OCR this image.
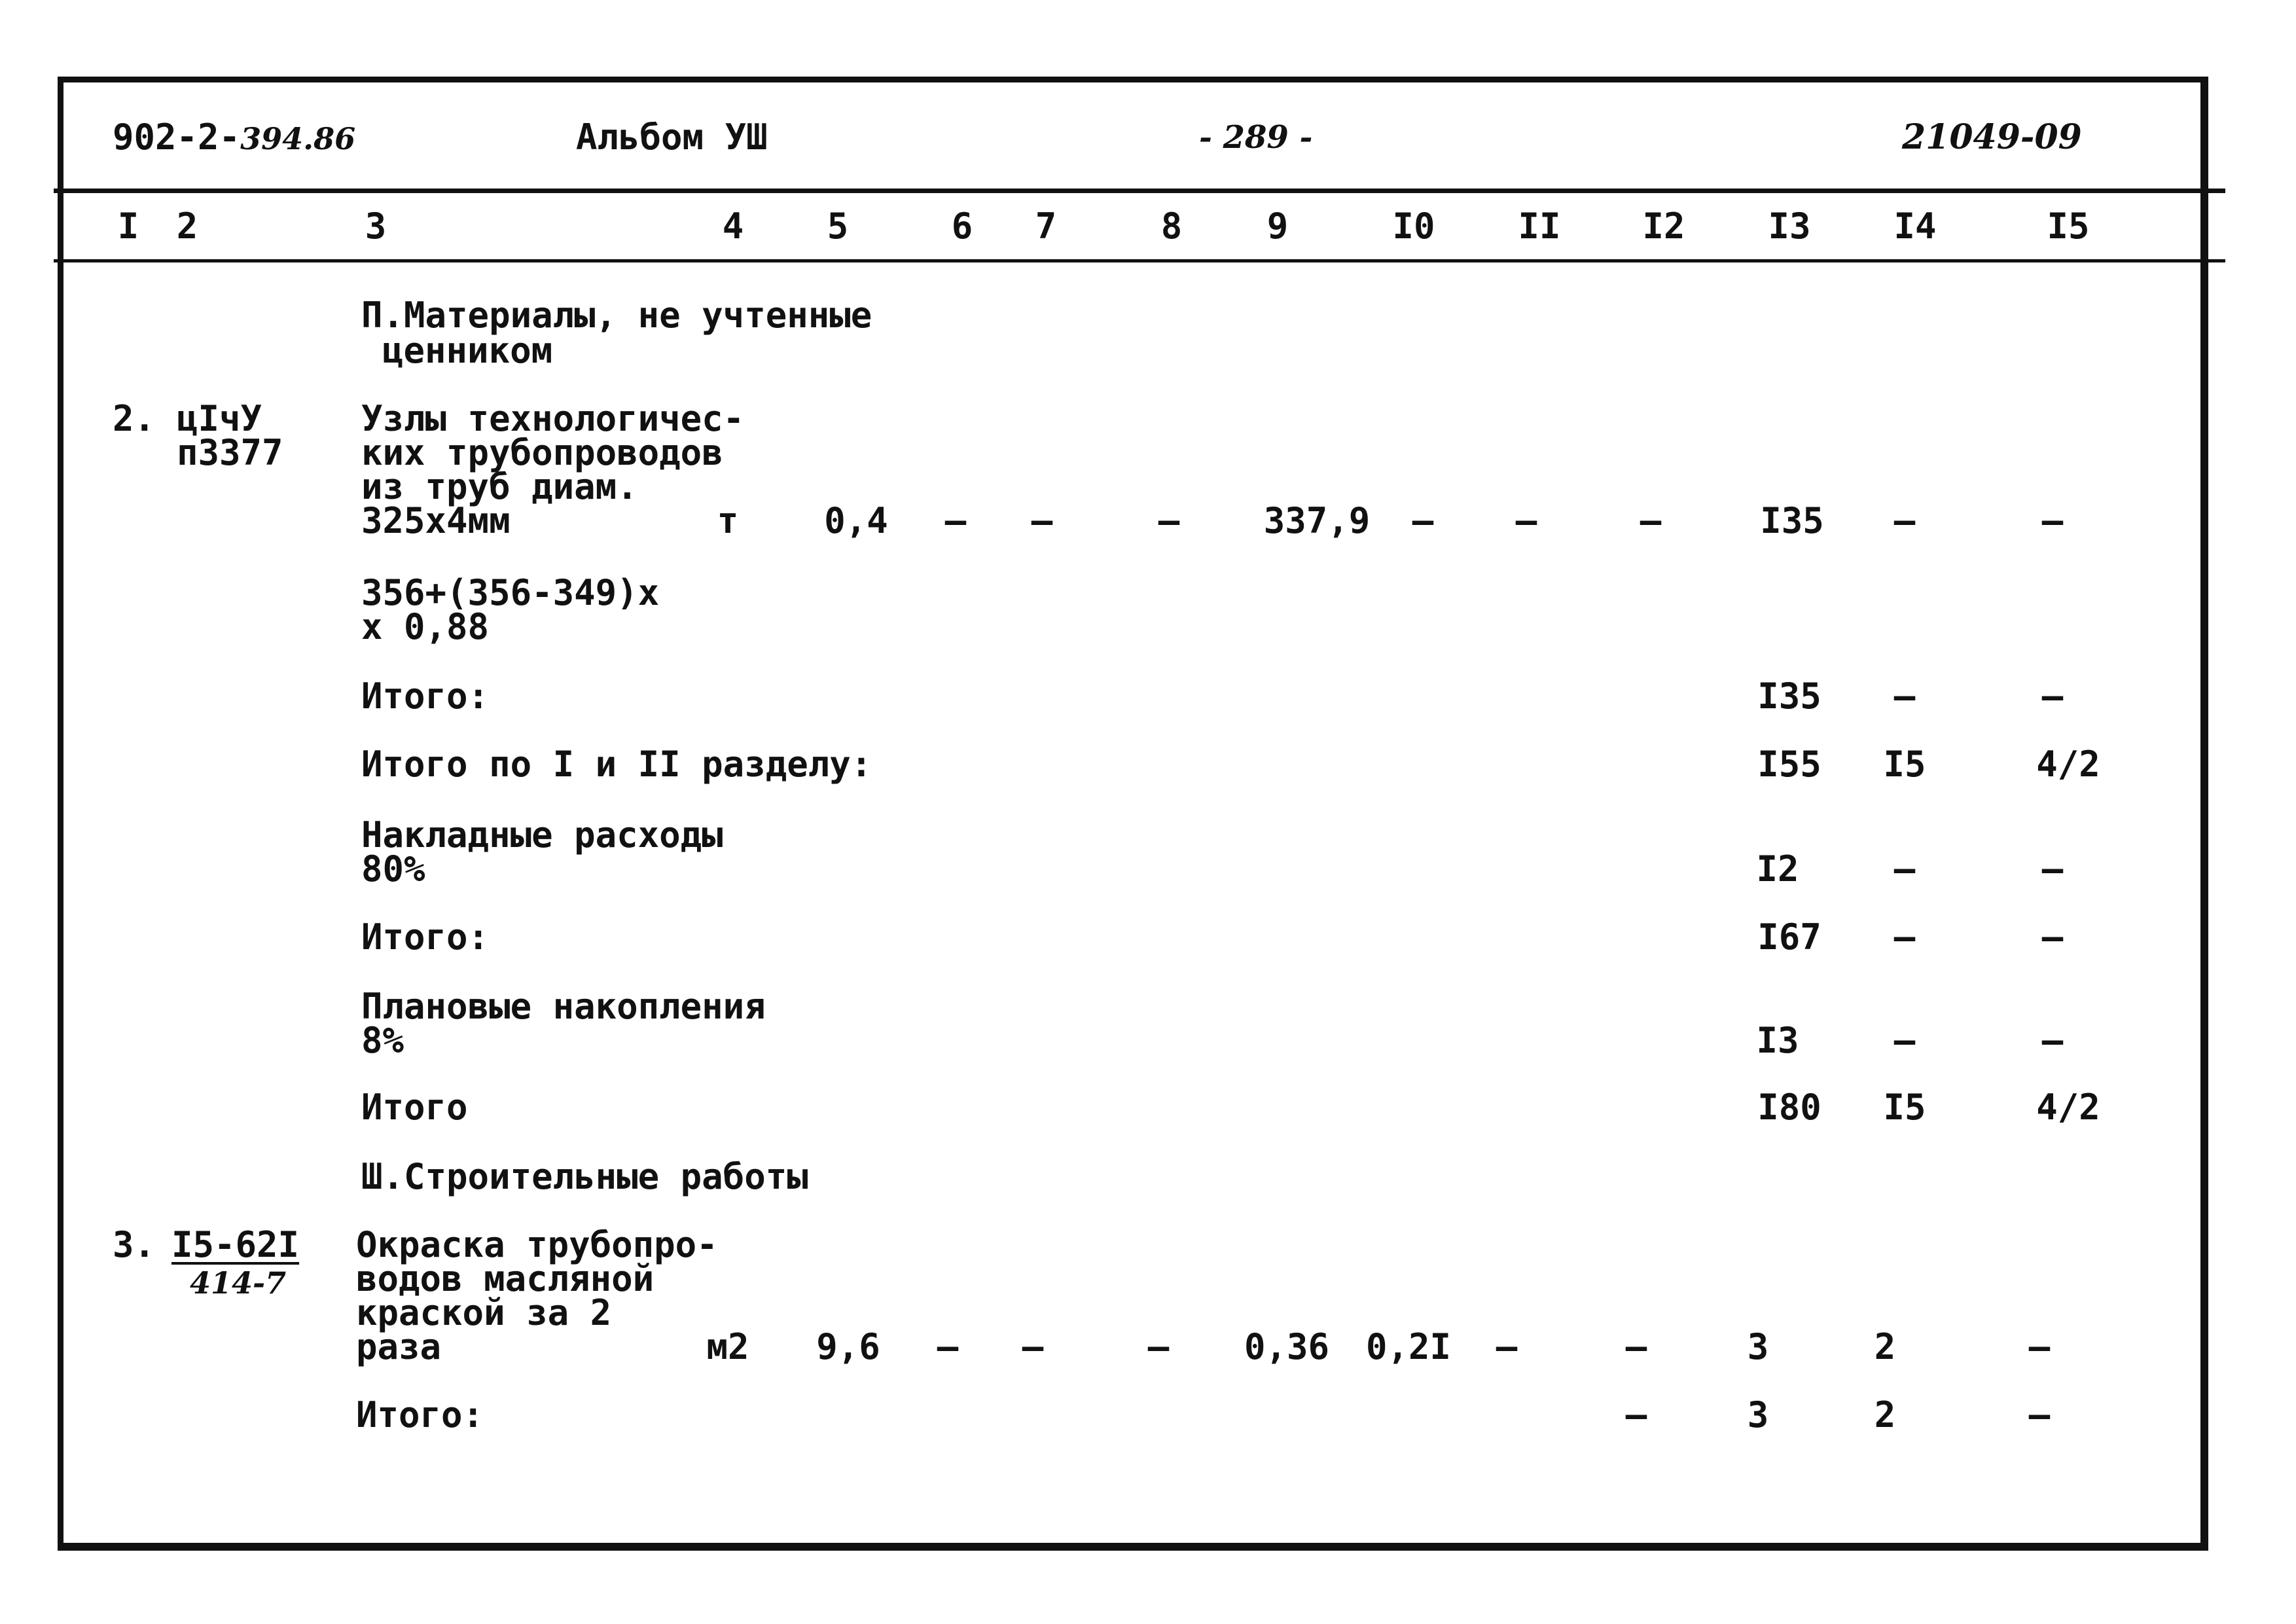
902-2-394.86	Альбом УШ	- 289 -	21049-09
I 2	3	4 5	6 7	8 9	I0 II I2 I3 I4	I5
П.Материалы, не учтенные
ценником
2. цIчУ
п3377
Узлы технологичес-
ких трубопроводов
из труб диам.
325х4мм	т 0,4 – –	– 337,9 – –	–	I35 –	–
356+(356-349)х
х 0,88
Итого:	I35 –	–
Итого по I и II разделу:	I55 I5	4/2
Накладные расходы
80%	I2	–	–
Итого:	I67 –	–
Плановые накопления
8%	I3	–	–
Итого	I80 I5	4/2
Ш.Строительные работы
3. I5-62I
414-7
Окраска трубопро-
водов масляной
краской за 2
раза	м2 9,6 – –	– 0,36 0,2I –	–	3	2	–
Итого:	–	3	2	–
